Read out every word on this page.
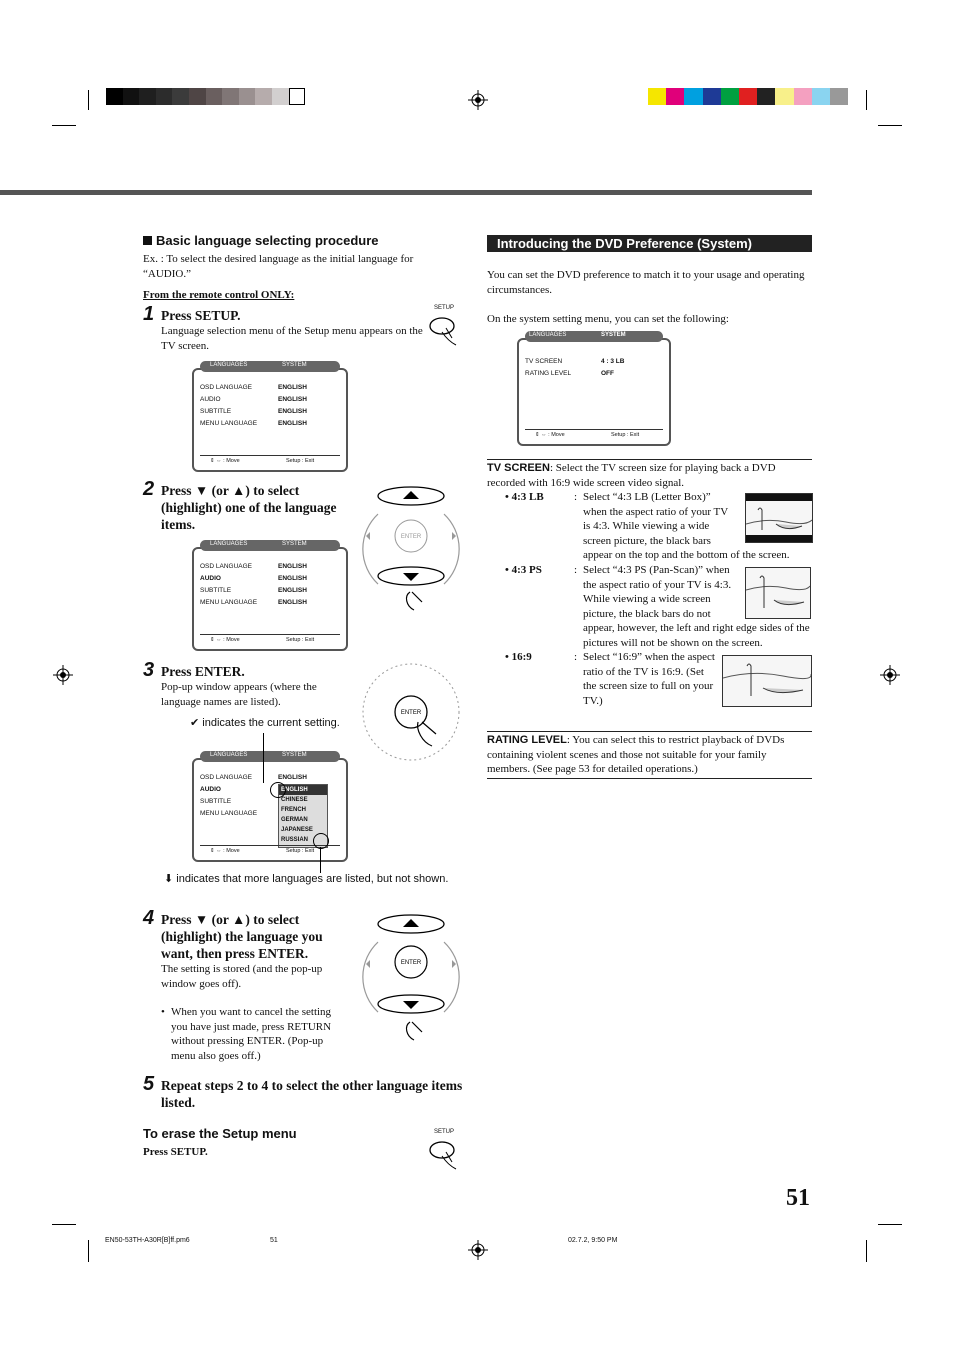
Basic language selecting procedure
Ex. : To select the desired language as the initial language for “AUDIO.”
From the remote control ONLY:
1 Press SETUP.
Language selection menu of the Setup menu appears on the TV screen.
SETUP
LANGUAGES	SYSTEM
OSD LANGUAGE	ENGLISH
AUDIO	ENGLISH
SUBTITLE	ENGLISH
MENU LANGUAGE	ENGLISH
⇕ ⇔ : Move	Setup : Exit
2 Press ▼ (or ▲) to select (highlight) one of the language items.
ENTER
LANGUAGES	SYSTEM
OSD LANGUAGE	ENGLISH
AUDIO	ENGLISH
SUBTITLE	ENGLISH
MENU LANGUAGE	ENGLISH
⇕ ⇔ : Move	Setup : Exit
3 Press ENTER.
Pop-up window appears (where the language names are listed).
✔ indicates the current setting.
ENTER
LANGUAGES	SYSTEM
OSD LANGUAGE	ENGLISH
AUDIO
SUBTITLE
MENU LANGUAGE
ENGLISH
CHINESE
FRENCH
GERMAN
JAPANESE
RUSSIAN
⇕ ⇔ : Move	Setup : Exit
⬇ indicates that more languages are listed, but not shown.
4 Press ▼ (or ▲) to select (highlight) the language you want, then press ENTER.
The setting is stored (and the pop-up window goes off).
• When you want to cancel the setting you have just made, press RETURN without pressing ENTER. (Pop-up menu also goes off.)
ENTER
5 Repeat steps 2 to 4 to select the other language items listed.
To erase the Setup menu
Press SETUP.
SETUP
Introducing the DVD Preference (System)
You can set the DVD preference to match it to your usage and operating circumstances.
On the system setting menu, you can set the following:
LANGUAGES	SYSTEM
TV SCREEN	4 : 3 LB
RATING LEVEL	OFF
⇕ ⇔ : Move	Setup : Exit
TV SCREEN: Select the TV screen size for playing back a DVD recorded with 16:9 wide screen video signal.
• 4:3 LB	: Select “4:3 LB (Letter Box)” when the aspect ratio of your TV is 4:3. While viewing a wide screen picture, the black bars appear on the top and the bottom of the screen.
• 4:3 PS	: Select “4:3 PS (Pan-Scan)” when the aspect ratio of your TV is 4:3. While viewing a wide screen picture, the black bars do not appear, however, the left and right edge sides of the pictures will not be shown on the screen.
• 16:9	: Select “16:9” when the aspect ratio of the TV is 16:9. (Set the screen size to full on your TV.)
RATING LEVEL: You can select this to restrict playback of DVDs containing violent scenes and those not suitable for your family members. (See page 53 for detailed operations.)
51
EN50-53TH-A30R[B]ff.pm6	51	02.7.2, 9:50 PM
